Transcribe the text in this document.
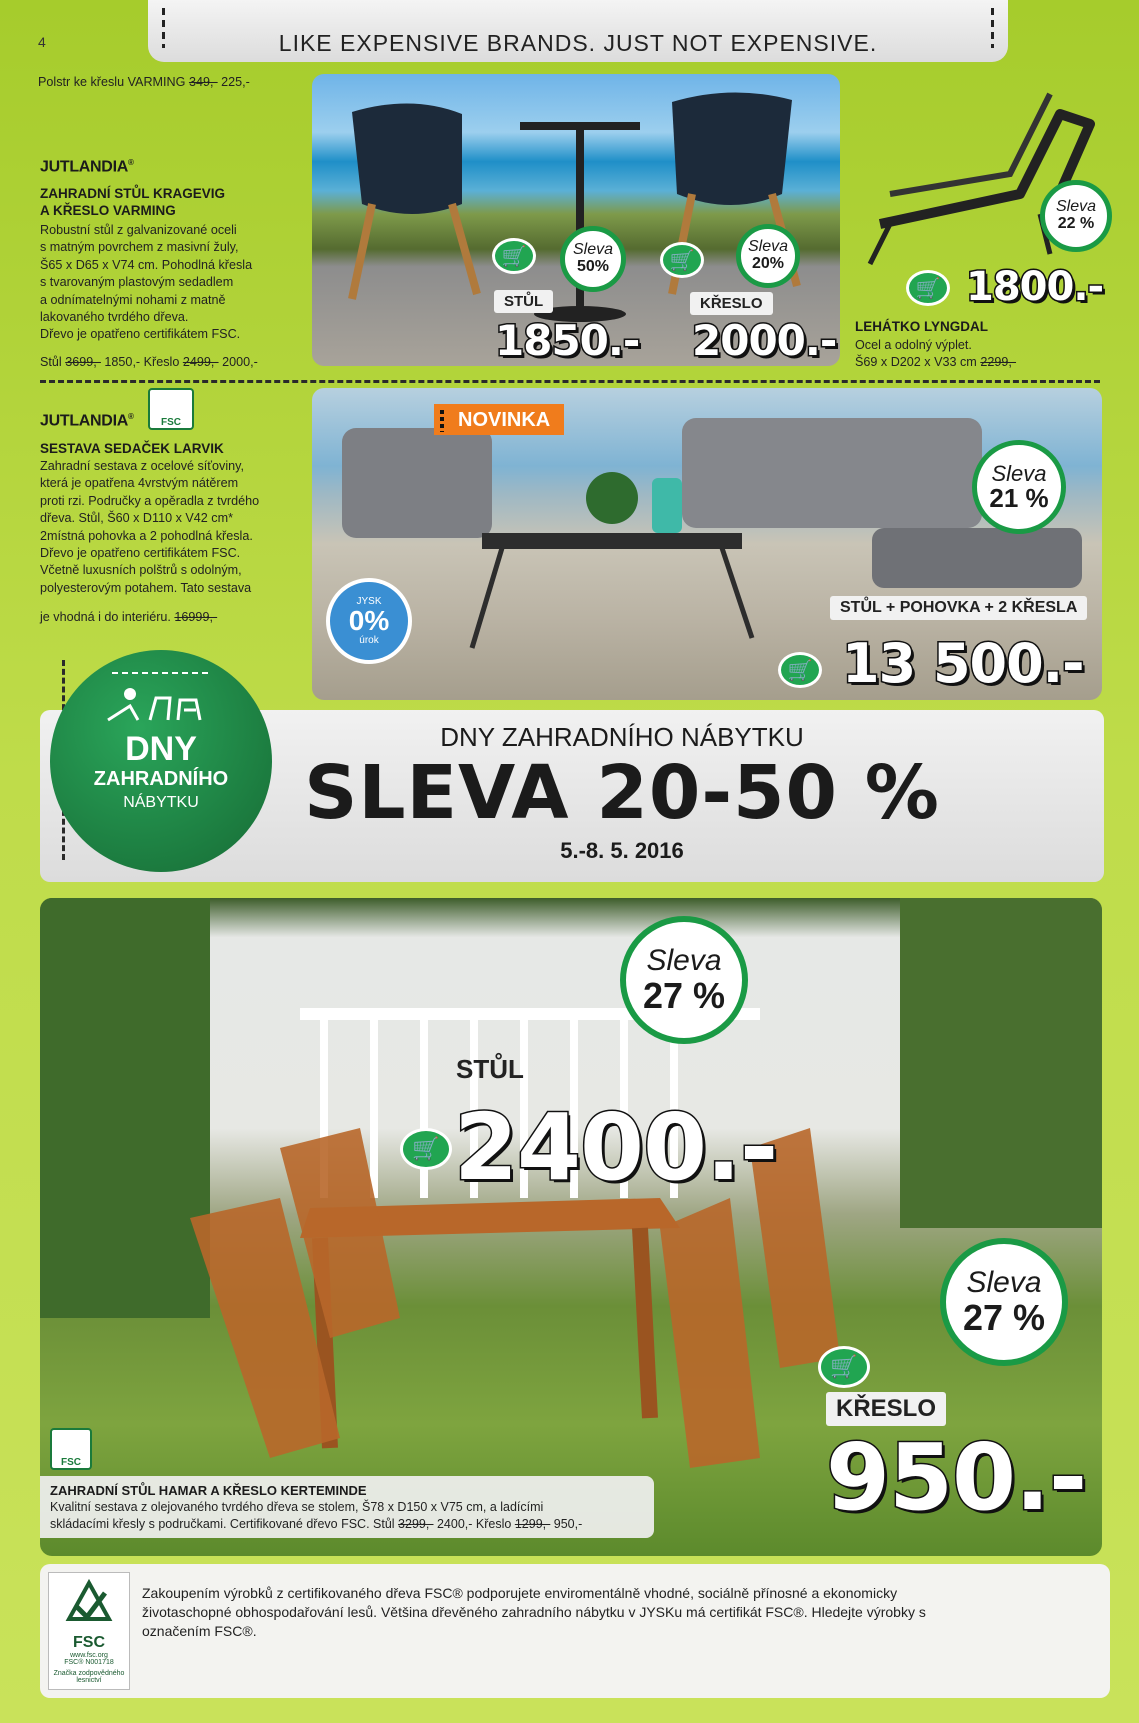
4	LIKE EXPENSIVE BRANDS. JUST NOT EXPENSIVE.
Polstr ke křeslu VARMING 349,- 225,-
JUTLANDIA®
ZAHRADNÍ STŮL KRAGEVIG
A KŘESLO VARMING
Robustní stůl z galvanizované oceli
s matným povrchem z masivní žuly,
Š65 x D65 x V74 cm. Pohodlná křesla
s tvarovaným plastovým sedadlem
a odnímatelnými nohami z matně
lakovaného tvrdého dřeva.
Dřevo je opatřeno certifikátem FSC.
Stůl 3699,- 1850,- Křeslo 2499,- 2000,-
🛒	Sleva
50%	🛒
Sleva
20%
STŮL	KŘESLO
1850.- 2000.-
Sleva
22 %
🛒 1800.-
LEHÁTKO LYNGDAL
Ocel a odolný výplet.
Š69 x D202 x V33 cm 2299,-
JUTLANDIA®
FSC
SESTAVA SEDAČEK LARVIK
Zahradní sestava z ocelové síťoviny,
která je opatřena 4vrstvým nátěrem
proti rzi. Područky a opěradla z tvrdého
dřeva. Stůl, Š60 x D110 x V42 cm*
2místná pohovka a 2 pohodlná křesla.
Dřevo je opatřeno certifikátem FSC.
Včetně luxusních polštrů s odolným,
polyesterovým potahem. Tato sestava
je vhodná i do interiéru. 16999,-
NOVINKA
Sleva
21 %
STŮL + POHOVKA + 2 KŘESLA
🛒 13 500.-
JYSK
0%
úrok
DNY ZAHRADNÍHO NÁBYTKU
SLEVA 20-50 %
5.-8. 5. 2016
DNY
ZAHRADNÍHO
NÁBYTKU
Sleva
27 %
STŮL
🛒 2400.-
Sleva
27 %
🛒
KŘESLO
950.-
FSC
ZAHRADNÍ STŮL HAMAR A KŘESLO KERTEMINDE
Kvalitní sestava z olejovaného tvrdého dřeva se stolem, Š78 x D150 x V75 cm, a ladícími
skládacími křesly s područkami. Certifikované dřevo FSC. Stůl 3299,- 2400,- Křeslo 1299,- 950,-
FSC
www.fsc.org
FSC® N001718
Značka zodpovědného lesnictví
Zakoupením výrobků z certifikovaného dřeva FSC® podporujete enviromentálně vhodné, sociálně přínosné a ekonomicky
životaschopné obhospodařování lesů. Většina dřevěného zahradního nábytku v JYSKu má certifikát FSC®. Hledejte výrobky s
označením FSC®.
